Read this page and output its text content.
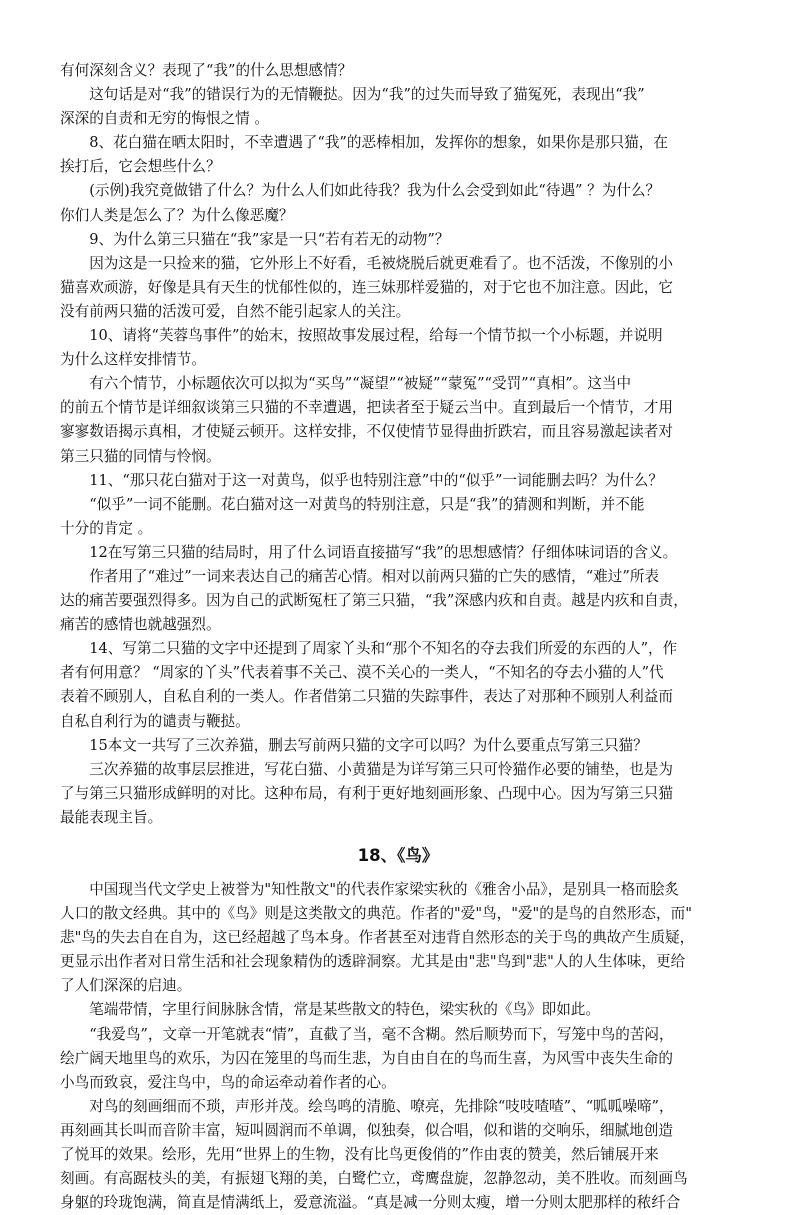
有何深刻含义？表现了“我”的什么思想感情？
这句话是对“我”的错误行为的无情鞭挞。因为“我”的过失而导致了猫冤死，表现出“我”
深深的自责和无穷的悔恨之情 。
8、花白猫在晒太阳时，不幸遭遇了“我”的恶棒相加，发挥你的想象，如果你是那只猫，在
挨打后，它会想些什么？
(示例)我究竟做错了什么？为什么人们如此待我？我为什么会受到如此“待遇” ？为什么？
你们人类是怎么了？为什么像恶魔？
9、为什么第三只猫在“我”家是一只“若有若无的动物”？
因为这是一只捡来的猫，它外形上不好看，毛被烧脱后就更难看了。也不活泼，不像别的小
猫喜欢顽游，好像是具有天生的忧郁性似的，连三妹那样爱猫的，对于它也不加注意。因此，它
没有前两只猫的活泼可爱，自然不能引起家人的关注。
10、请将“芙蓉鸟事件”的始末，按照故事发展过程，给每一个情节拟一个小标题，并说明
为什么这样安排情节。
有六个情节，小标题依次可以拟为“买鸟”“凝望”“被疑”“蒙冤”“受罚”“真相”。这当中
的前五个情节是详细叙谈第三只猫的不幸遭遇，把读者至于疑云当中。直到最后一个情节，才用
寥寥数语揭示真相，才使疑云顿开。这样安排，不仅使情节显得曲折跌宕，而且容易激起读者对
第三只猫的同情与怜悯。
11、“那只花白猫对于这一对黄鸟，似乎也特别注意”中的“似乎”一词能删去吗？为什么？
“似乎”一词不能删。花白猫对这一对黄鸟的特别注意，只是“我”的猜测和判断，并不能
十分的肯定 。
12在写第三只猫的结局时，用了什么词语直接描写“我”的思想感情？仔细体味词语的含义。
作者用了“难过”一词来表达自己的痛苦心情。相对以前两只猫的亡失的感情，“难过”所表
达的痛苦要强烈得多。因为自己的武断冤枉了第三只猫，“我”深感内疚和自责。越是内疚和自责，
痛苦的感情也就越强烈。
14、写第二只猫的文字中还提到了周家丫头和“那个不知名的夺去我们所爱的东西的人”，作
者有何用意？ “周家的丫头”代表着事不关己、漠不关心的一类人，“不知名的夺去小猫的人”代
表着不顾别人，自私自利的一类人。作者借第二只猫的失踪事件，表达了对那种不顾别人利益而
自私自利行为的谴责与鞭挞。
15本文一共写了三次养猫，删去写前两只猫的文字可以吗？为什么要重点写第三只猫？
三次养猫的故事层层推进，写花白猫、小黄猫是为详写第三只可怜猫作必要的铺垫，也是为
了与第三只猫形成鲜明的对比。这种布局，有利于更好地刻画形象、凸现中心。因为写第三只猫
最能表现主旨。
18、《鸟》
中国现当代文学史上被誉为"知性散文"的代表作家梁实秋的《雅舍小品》，是别具一格而脍炙
人口的散文经典。其中的《鸟》则是这类散文的典范。作者的"爱"鸟，"爱"的是鸟的自然形态，而"
悲"鸟的失去自在自为，这已经超越了鸟本身。作者甚至对违背自然形态的关于鸟的典故产生质疑，
更显示出作者对日常生活和社会现象精伪的透辟洞察。尤其是由"悲"鸟到"悲"人的人生体味，更给
了人们深深的启迪。
笔端带情，字里行间脉脉含情，常是某些散文的特色，梁实秋的《鸟》即如此。
“我爱鸟”，文章一开笔就表“情”，直截了当，毫不含糊。然后顺势而下，写笼中鸟的苦闷，
绘广阔天地里鸟的欢乐，为囚在笼里的鸟而生悲，为自由自在的鸟而生喜，为风雪中丧失生命的
小鸟而致哀，爱注鸟中，鸟的命运牵动着作者的心。
对鸟的刻画细而不琐，声形并茂。绘鸟鸣的清脆、嘹亮，先排除“吱吱喳喳”、“呱呱噪啼”，
再刻画其长叫而音阶丰富，短叫圆润而不单调，似独奏，似合唱，似和谐的交响乐，细腻地创造
了悦耳的效果。绘形，先用“世界上的生物，没有比鸟更俊俏的”作由衷的赞美，然后铺展开来
刻画。有高踞枝头的美，有振翅飞翔的美，白鹭伫立，鸢鹰盘旋，忽静忽动，美不胜收。而刻画鸟
身躯的玲珑饱满，简直是情满纸上，爱意流溢。“真是减一分则太瘦，增一分则太肥那样的秾纤合
